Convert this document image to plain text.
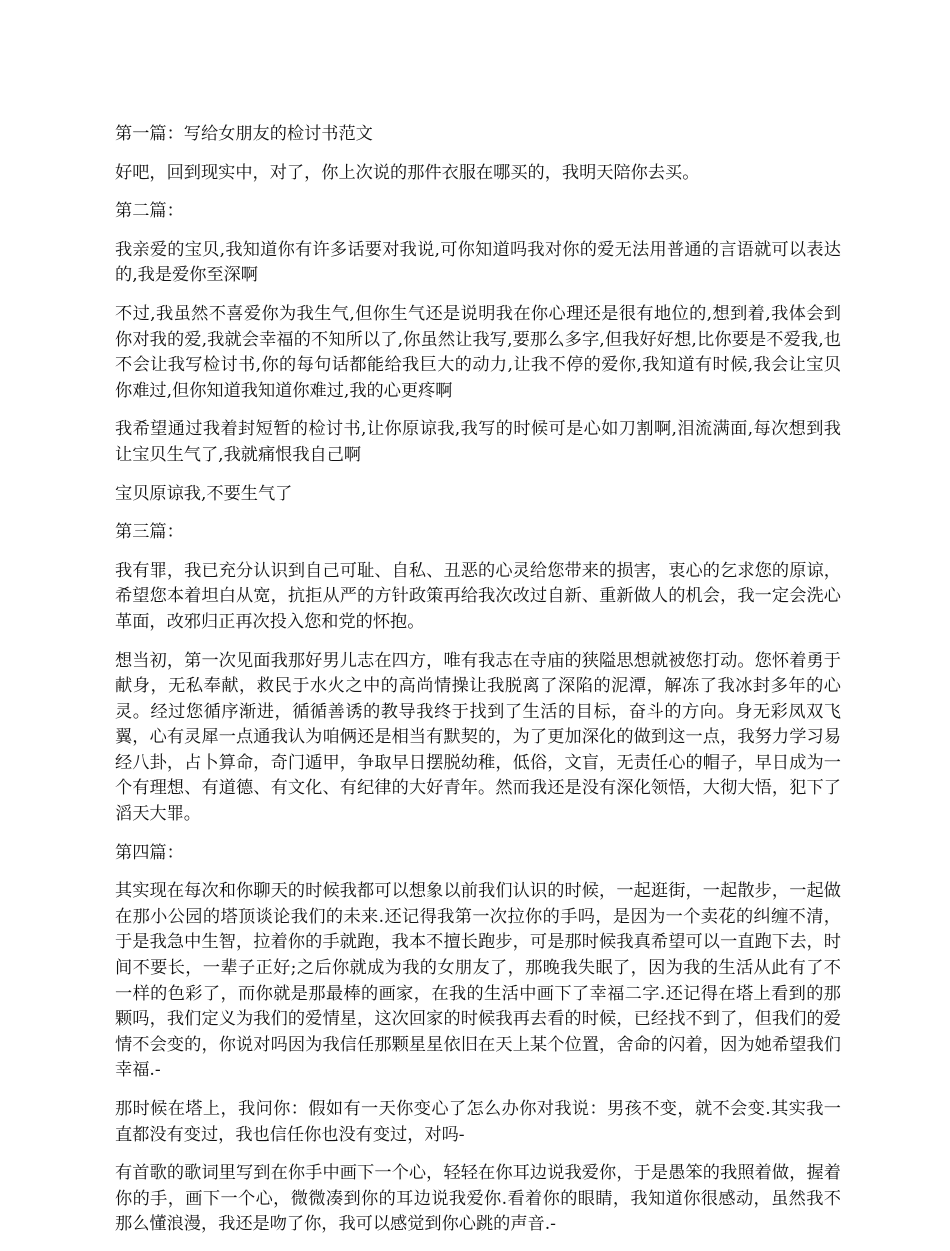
第一篇：写给女朋友的检讨书范文

好吧，回到现实中，对了，你上次说的那件衣服在哪买的，我明天陪你去买。

第二篇：

我亲爱的宝贝,我知道你有许多话要对我说,可你知道吗我对你的爱无法用普通的言语就可以表达的,我是爱你至深啊

不过,我虽然不喜爱你为我生气,但你生气还是说明我在你心理还是很有地位的,想到着,我体会到你对我的爱,我就会幸福的不知所以了,你虽然让我写,要那么多字,但我好好想,比你要是不爱我,也不会让我写检讨书,你的每句话都能给我巨大的动力,让我不停的爱你,我知道有时候,我会让宝贝你难过,但你知道我知道你难过,我的心更疼啊

我希望通过我着封短暂的检讨书,让你原谅我,我写的时候可是心如刀割啊,泪流满面,每次想到我让宝贝生气了,我就痛恨我自己啊

宝贝原谅我,不要生气了

第三篇：

我有罪，我已充分认识到自己可耻、自私、丑恶的心灵给您带来的损害，衷心的乞求您的原谅，希望您本着坦白从宽，抗拒从严的方针政策再给我次改过自新、重新做人的机会，我一定会洗心革面，改邪归正再次投入您和党的怀抱。

想当初，第一次见面我那好男儿志在四方，唯有我志在寺庙的狭隘思想就被您打动。您怀着勇于献身，无私奉献，救民于水火之中的高尚情操让我脱离了深陷的泥潭，解冻了我冰封多年的心灵。经过您循序渐进，循循善诱的教导我终于找到了生活的目标，奋斗的方向。身无彩凤双飞翼，心有灵犀一点通我认为咱俩还是相当有默契的，为了更加深化的做到这一点，我努力学习易经八卦，占卜算命，奇门遁甲，争取早日摆脱幼稚，低俗，文盲，无责任心的帽子，早日成为一个有理想、有道德、有文化、有纪律的大好青年。然而我还是没有深化领悟，大彻大悟，犯下了滔天大罪。

第四篇：

其实现在每次和你聊天的时候我都可以想象以前我们认识的时候，一起逛街，一起散步，一起做在那小公园的塔顶谈论我们的未来.还记得我第一次拉你的手吗，是因为一个卖花的纠缠不清，于是我急中生智，拉着你的手就跑，我本不擅长跑步，可是那时候我真希望可以一直跑下去，时间不要长，一辈子正好;之后你就成为我的女朋友了，那晚我失眠了，因为我的生活从此有了不一样的色彩了，而你就是那最棒的画家，在我的生活中画下了幸福二字.还记得在塔上看到的那颗吗，我们定义为我们的爱情星，这次回家的时候我再去看的时候，已经找不到了，但我们的爱情不会变的，你说对吗因为我信任那颗星星依旧在天上某个位置，舍命的闪着，因为她希望我们幸福.-

那时候在塔上，我问你：假如有一天你变心了怎么办你对我说：男孩不变，就不会变.其实我一直都没有变过，我也信任你也没有变过，对吗-

有首歌的歌词里写到在你手中画下一个心，轻轻在你耳边说我爱你，于是愚笨的我照着做，握着你的手，画下一个心，微微凑到你的耳边说我爱你.看着你的眼睛，我知道你很感动，虽然我不那么懂浪漫，我还是吻了你，我可以感觉到你心跳的声音.-
